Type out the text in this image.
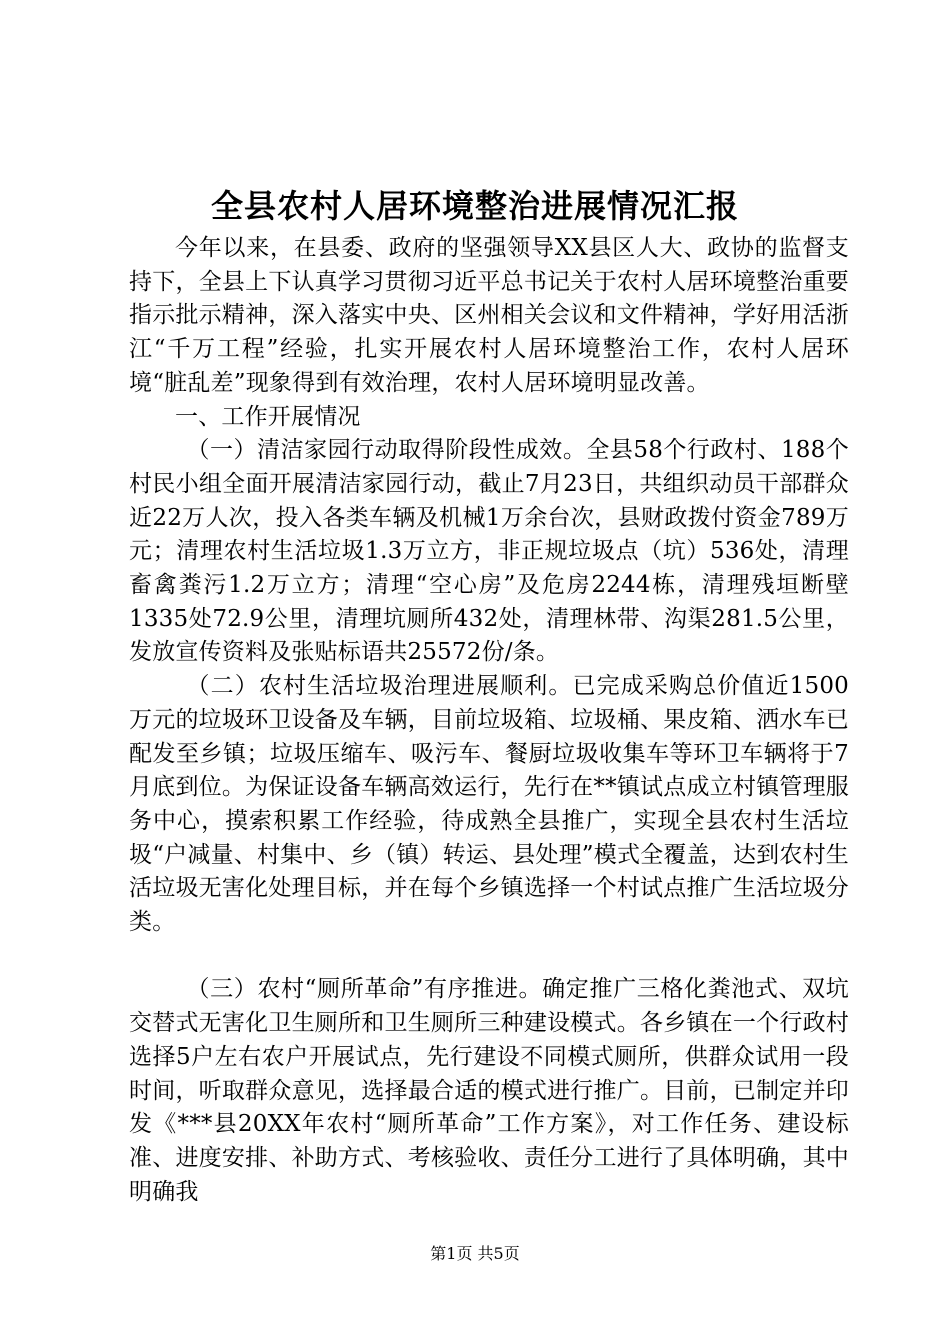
全县农村人居环境整治进展情况汇报

今年以来，在县委、政府的坚强领导XX县区人大、政协的监督支持下，全县上下认真学习贯彻习近平总书记关于农村人居环境整治重要指示批示精神，深入落实中央、区州相关会议和文件精神，学好用活浙江“千万工程”经验，扎实开展农村人居环境整治工作，农村人居环境“脏乱差”现象得到有效治理，农村人居环境明显改善。

一、工作开展情况

（一）清洁家园行动取得阶段性成效。全县58个行政村、188个村民小组全面开展清洁家园行动，截止7月23日，共组织动员干部群众近22万人次，投入各类车辆及机械1万余台次，县财政拨付资金789万元；清理农村生活垃圾1.3万立方，非正规垃圾点（坑）536处，清理畜禽粪污1.2万立方；清理“空心房”及危房2244栋，清理残垣断壁1335处72.9公里，清理坑厕所432处，清理林带、沟渠281.5公里，发放宣传资料及张贴标语共25572份/条。

（二）农村生活垃圾治理进展顺利。已完成采购总价值近1500万元的垃圾环卫设备及车辆，目前垃圾箱、垃圾桶、果皮箱、洒水车已配发至乡镇；垃圾压缩车、吸污车、餐厨垃圾收集车等环卫车辆将于7月底到位。为保证设备车辆高效运行，先行在**镇试点成立村镇管理服务中心，摸索积累工作经验，待成熟全县推广，实现全县农村生活垃圾“户减量、村集中、乡（镇）转运、县处理”模式全覆盖，达到农村生活垃圾无害化处理目标，并在每个乡镇选择一个村试点推广生活垃圾分类。

（三）农村“厕所革命”有序推进。确定推广三格化粪池式、双坑交替式无害化卫生厕所和卫生厕所三种建设模式。各乡镇在一个行政村选择5户左右农户开展试点，先行建设不同模式厕所，供群众试用一段时间，听取群众意见，选择最合适的模式进行推广。目前，已制定并印发《***县20XX年农村“厕所革命”工作方案》，对工作任务、建设标准、进度安排、补助方式、考核验收、责任分工进行了具体明确，其中明确我

第1页 共5页
